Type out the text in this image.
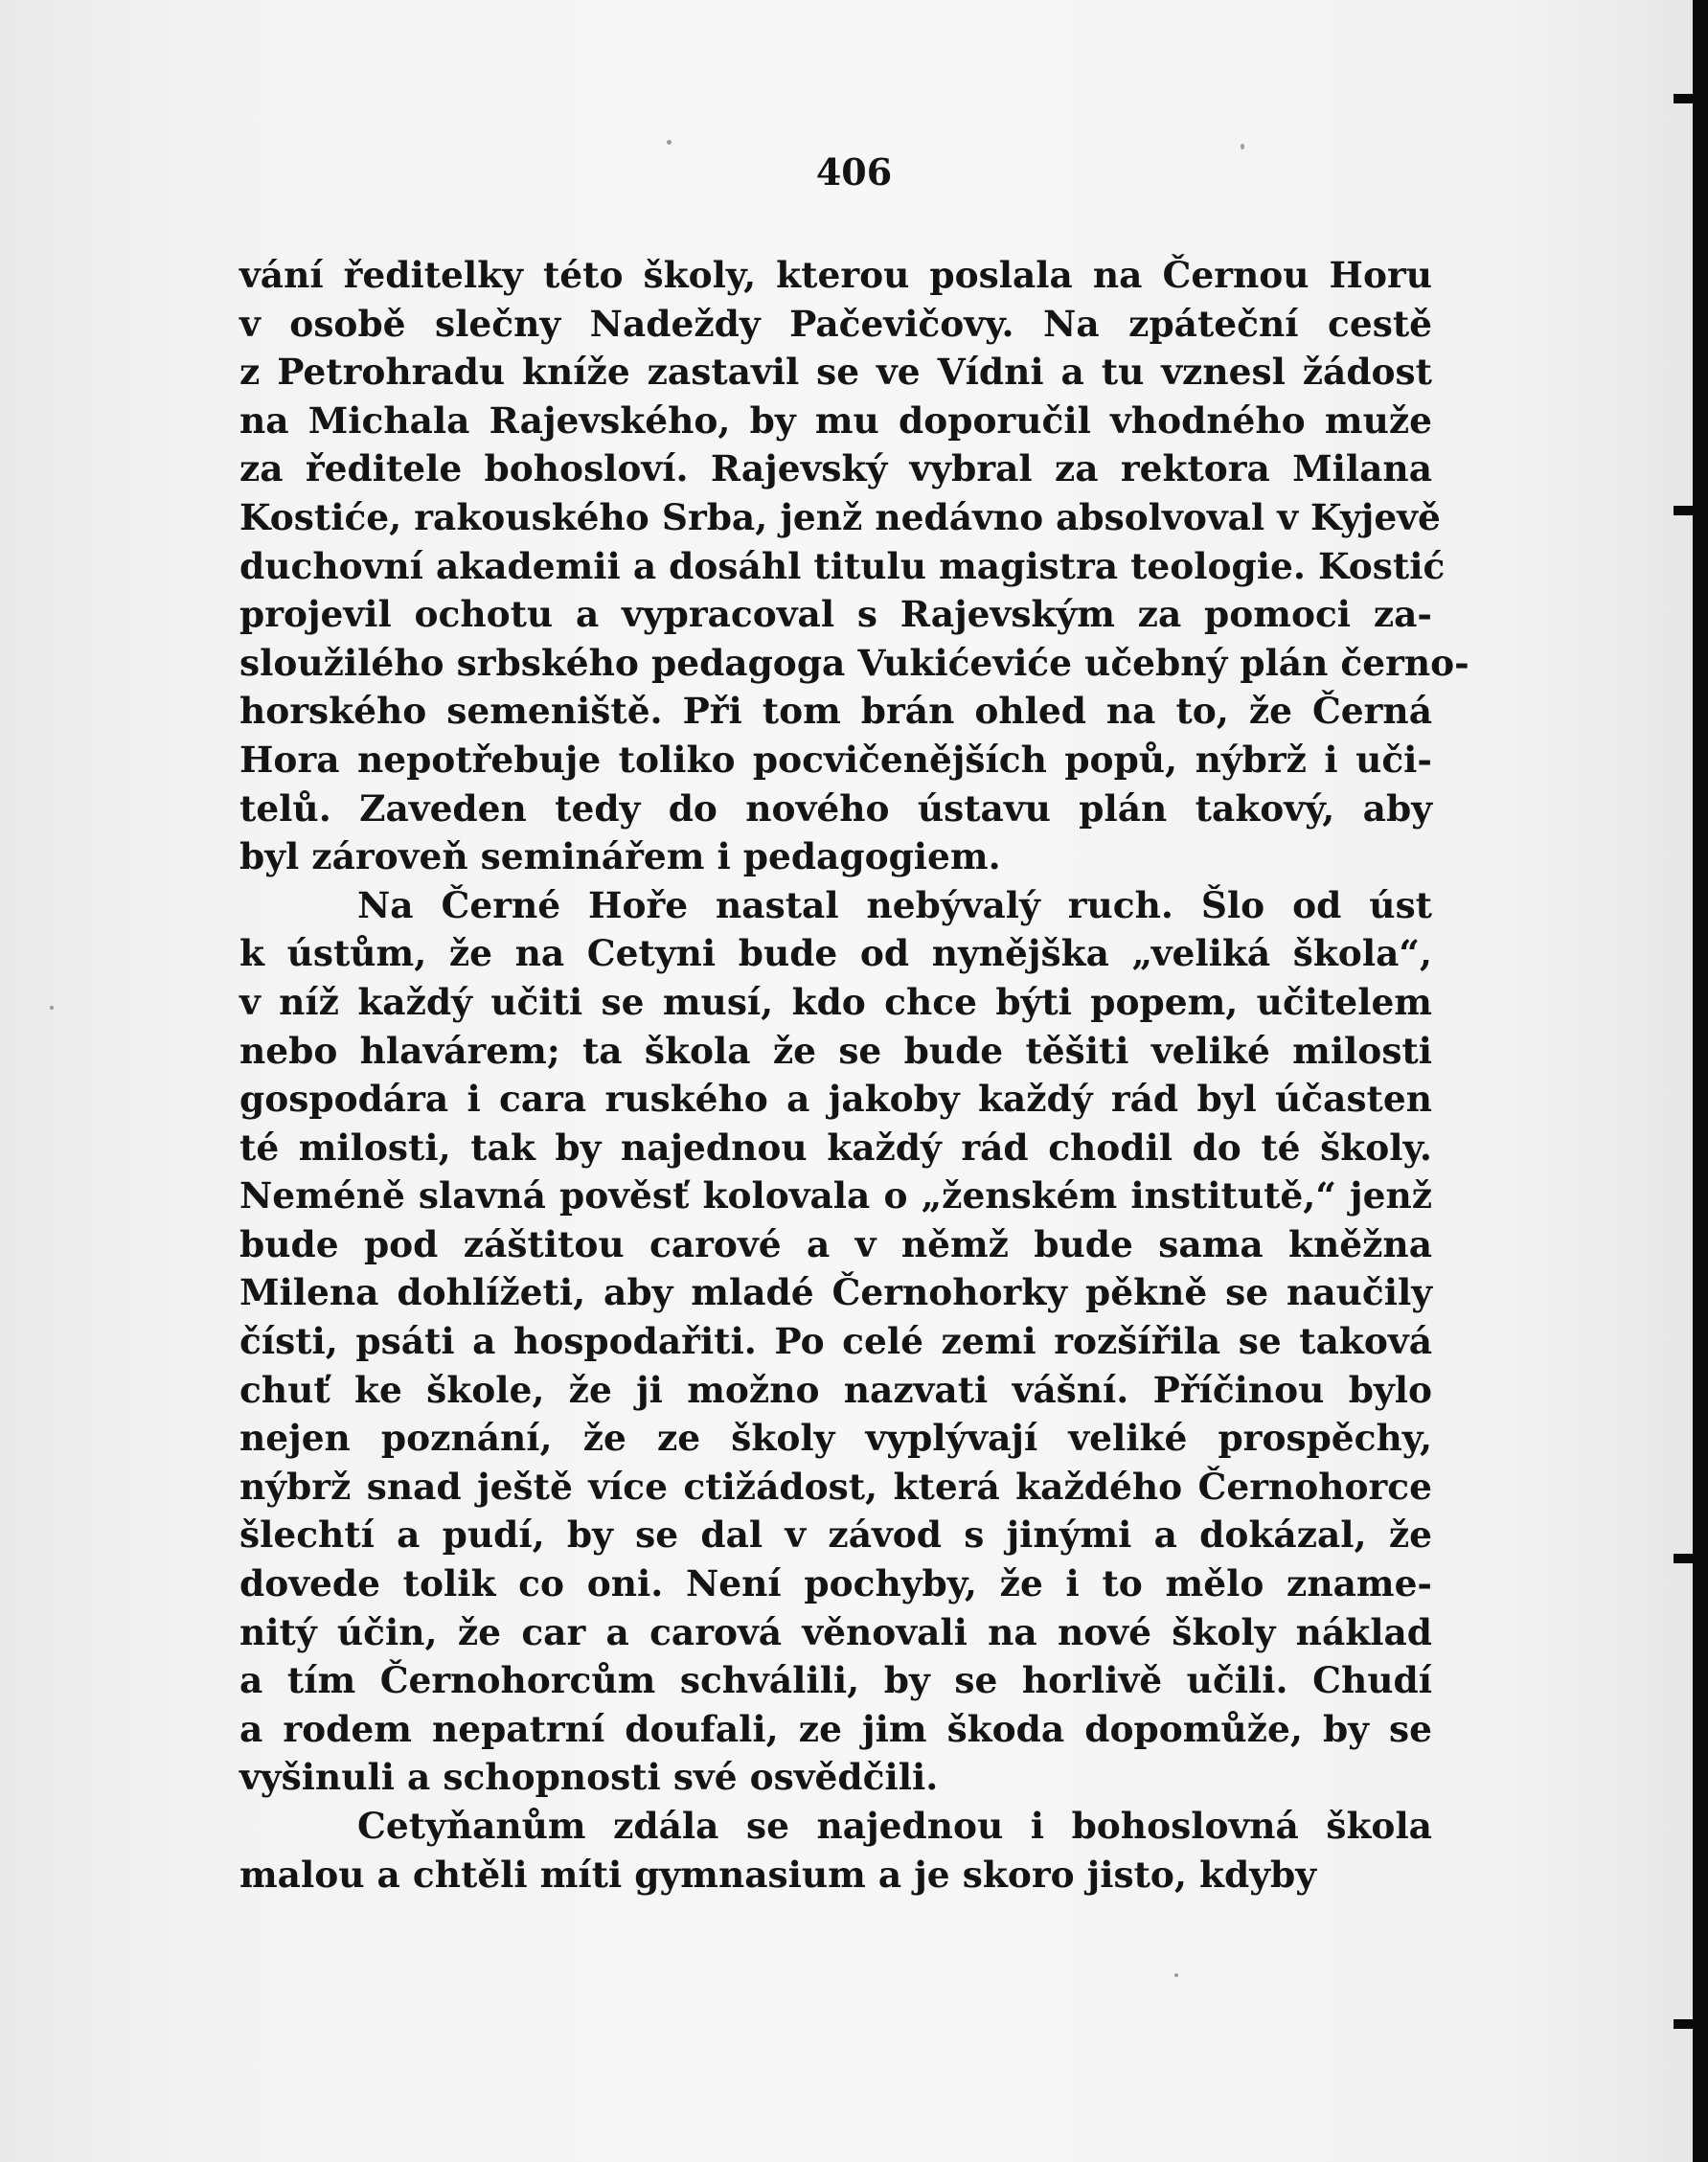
406
vání ředitelky této školy, kterou poslala na Černou Horu
v osobě slečny Nadeždy Pačevičovy. Na zpáteční cestě
z Petrohradu kníže zastavil se ve Vídni a tu vznesl žádost
na Michala Rajevského, by mu doporučil vhodného muže
za ředitele bohosloví. Rajevský vybral za rektora Milana
Kostiće, rakouského Srba, jenž nedávno absolvoval v Kyjevě
duchovní akademii a dosáhl titulu magistra teologie. Kostić
projevil ochotu a vypracoval s Rajevským za pomoci za-
sloužilého srbského pedagoga Vukićeviće učebný plán černo-
horského semeniště. Při tom brán ohled na to, že Černá
Hora nepotřebuje toliko pocvičenějších popů, nýbrž i uči-
telů. Zaveden tedy do nového ústavu plán takový, aby
byl zároveň seminářem i pedagogiem.
Na Černé Hoře nastal nebývalý ruch. Šlo od úst
k ústům, že na Cetyni bude od nynějška „veliká škola“,
v níž každý učiti se musí, kdo chce býti popem, učitelem
nebo hlavárem; ta škola že se bude těšiti veliké milosti
gospodára i cara ruského a jakoby každý rád byl účasten
té milosti, tak by najednou každý rád chodil do té školy.
Neméně slavná pověsť kolovala o „ženském institutě,“ jenž
bude pod záštitou carové a v němž bude sama kněžna
Milena dohlížeti, aby mladé Černohorky pěkně se naučily
čísti, psáti a hospodařiti. Po celé zemi rozšířila se taková
chuť ke škole, že ji možno nazvati vášní. Příčinou bylo
nejen poznání, že ze školy vyplývají veliké prospěchy,
nýbrž snad ještě více ctižádost, která každého Černohorce
šlechtí a pudí, by se dal v závod s jinými a dokázal, že
dovede tolik co oni. Není pochyby, že i to mělo zname-
nitý účin, že car a carová věnovali na nové školy náklad
a tím Černohorcům schválili, by se horlivě učili. Chudí
a rodem nepatrní doufali, ze jim škoda dopomůže, by se
vyšinuli a schopnosti své osvědčili.
Cetyňanům zdála se najednou i bohoslovná škola
malou a chtěli míti gymnasium a je skoro jisto, kdyby
